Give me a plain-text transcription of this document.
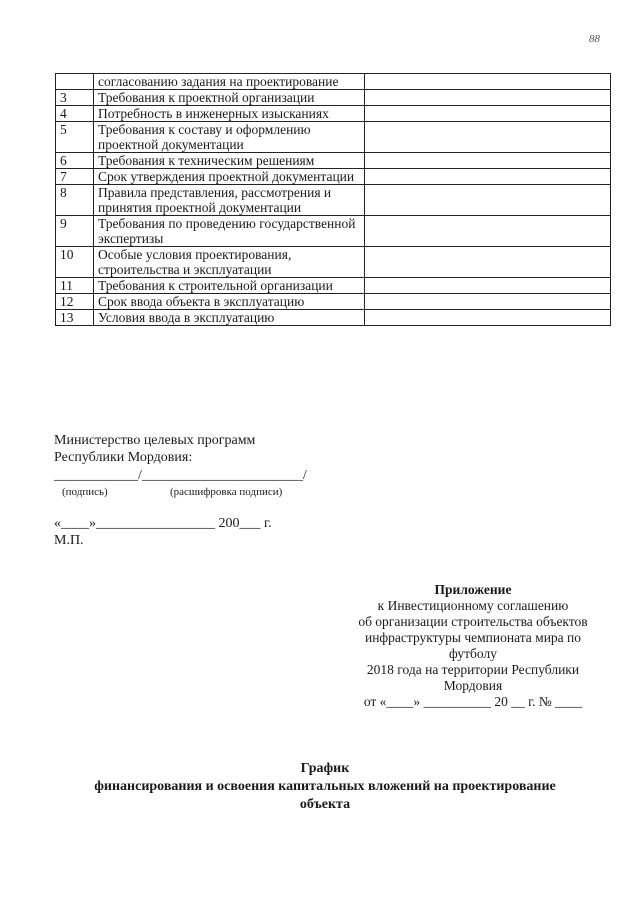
88
	согласованию задания на проектирование	
3	Требования к проектной организации	
4	Потребность в инженерных изысканиях	
5	Требования к составу и оформлению проектной документации	
6	Требования к техническим решениям	
7	Срок утверждения проектной документации	
8	Правила представления, рассмотрения и принятия проектной документации	
9	Требования по проведению государственной экспертизы	
10	Особые условия проектирования, строительства и эксплуатации	
11	Требования к строительной организации	
12	Срок ввода объекта в эксплуатацию	
13	Условия ввода в эксплуатацию	
Министерство целевых программ
Республики Мордовия:
____________/_______________________/
(подпись)	(расшифровка подписи)
«____»_________________ 200___ г.
М.П.
Приложение
к Инвестиционному соглашению
об организации строительства объектов
инфраструктуры чемпионата мира по
футболу
2018 года на территории Республики
Мордовия
от «____» __________ 20 __ г. № ____
График
финансирования и освоения капитальных вложений на проектирование
объекта
